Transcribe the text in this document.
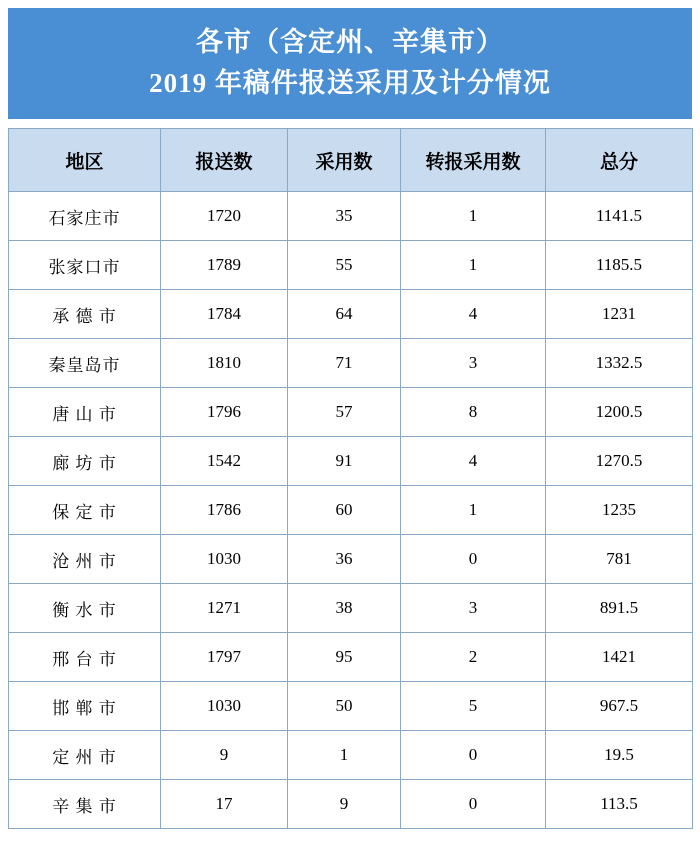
各市（含定州、辛集市）
2019 年稿件报送采用及计分情况
地区	报送数	采用数	转报采用数	总分
石家庄市	1720	35	1	1141.5
张家口市	1789	55	1	1185.5
承 德 市	1784	64	4	1231
秦皇岛市	1810	71	3	1332.5
唐 山 市	1796	57	8	1200.5
廊 坊 市	1542	91	4	1270.5
保 定 市	1786	60	1	1235
沧 州 市	1030	36	0	781
衡 水 市	1271	38	3	891.5
邢 台 市	1797	95	2	1421
邯 郸 市	1030	50	5	967.5
定 州 市	9	1	0	19.5
辛 集 市	17	9	0	113.5
